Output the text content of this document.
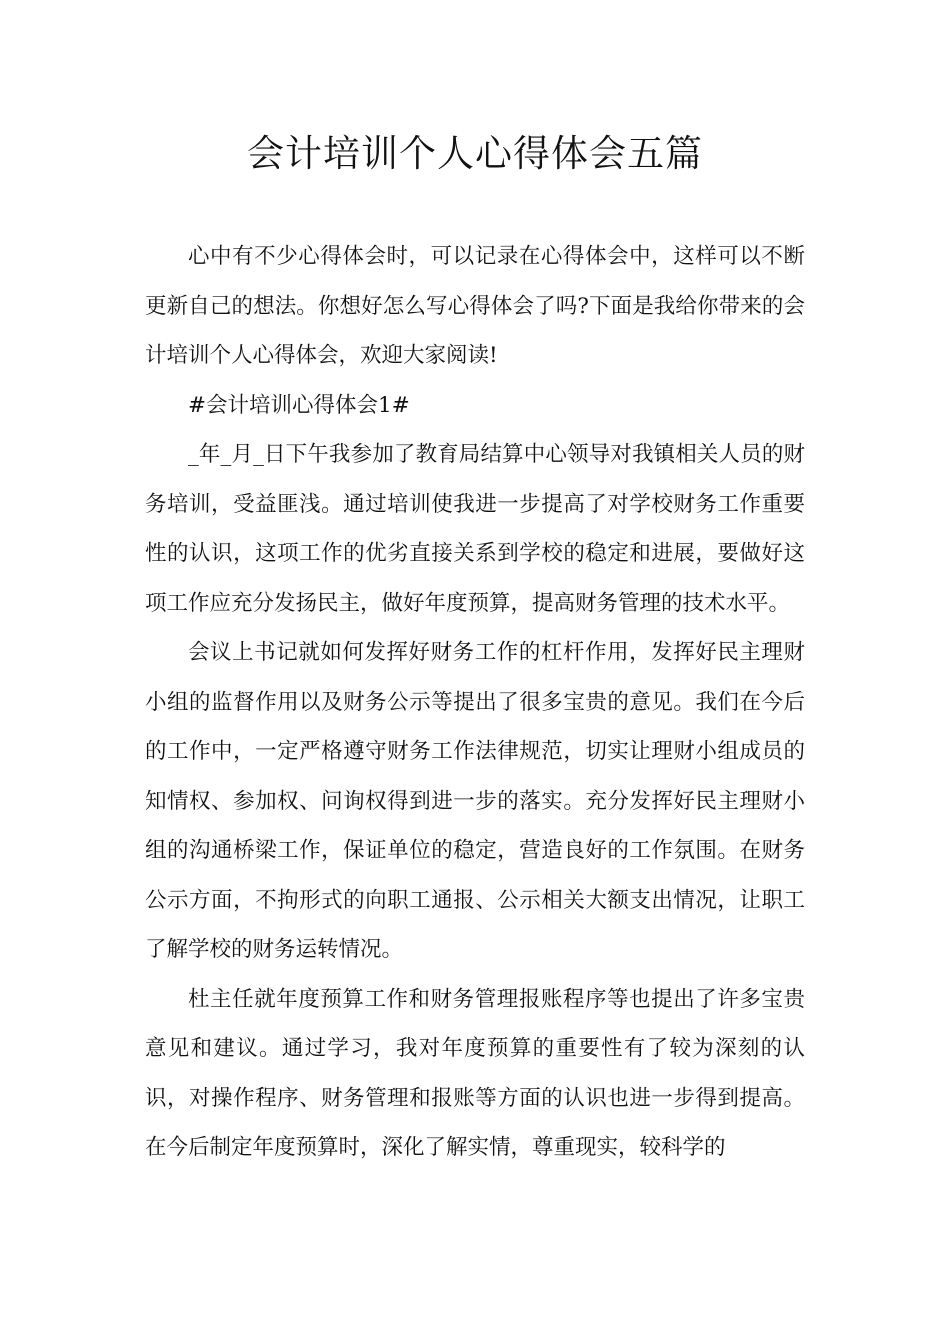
会计培训个人心得体会五篇

心中有不少心得体会时，可以记录在心得体会中，这样可以不断更新自己的想法。你想好怎么写心得体会了吗?下面是我给你带来的会计培训个人心得体会，欢迎大家阅读!

#会计培训心得体会1#

_年_月_日下午我参加了教育局结算中心领导对我镇相关人员的财务培训，受益匪浅。通过培训使我进一步提高了对学校财务工作重要性的认识，这项工作的优劣直接关系到学校的稳定和进展，要做好这项工作应充分发扬民主，做好年度预算，提高财务管理的技术水平。

会议上书记就如何发挥好财务工作的杠杆作用，发挥好民主理财小组的监督作用以及财务公示等提出了很多宝贵的意见。我们在今后的工作中，一定严格遵守财务工作法律规范，切实让理财小组成员的知情权、参加权、问询权得到进一步的落实。充分发挥好民主理财小组的沟通桥梁工作，保证单位的稳定，营造良好的工作氛围。在财务公示方面，不拘形式的向职工通报、公示相关大额支出情况，让职工了解学校的财务运转情况。

杜主任就年度预算工作和财务管理报账程序等也提出了许多宝贵意见和建议。通过学习，我对年度预算的重要性有了较为深刻的认识，对操作程序、财务管理和报账等方面的认识也进一步得到提高。在今后制定年度预算时，深化了解实情，尊重现实，较科学的
